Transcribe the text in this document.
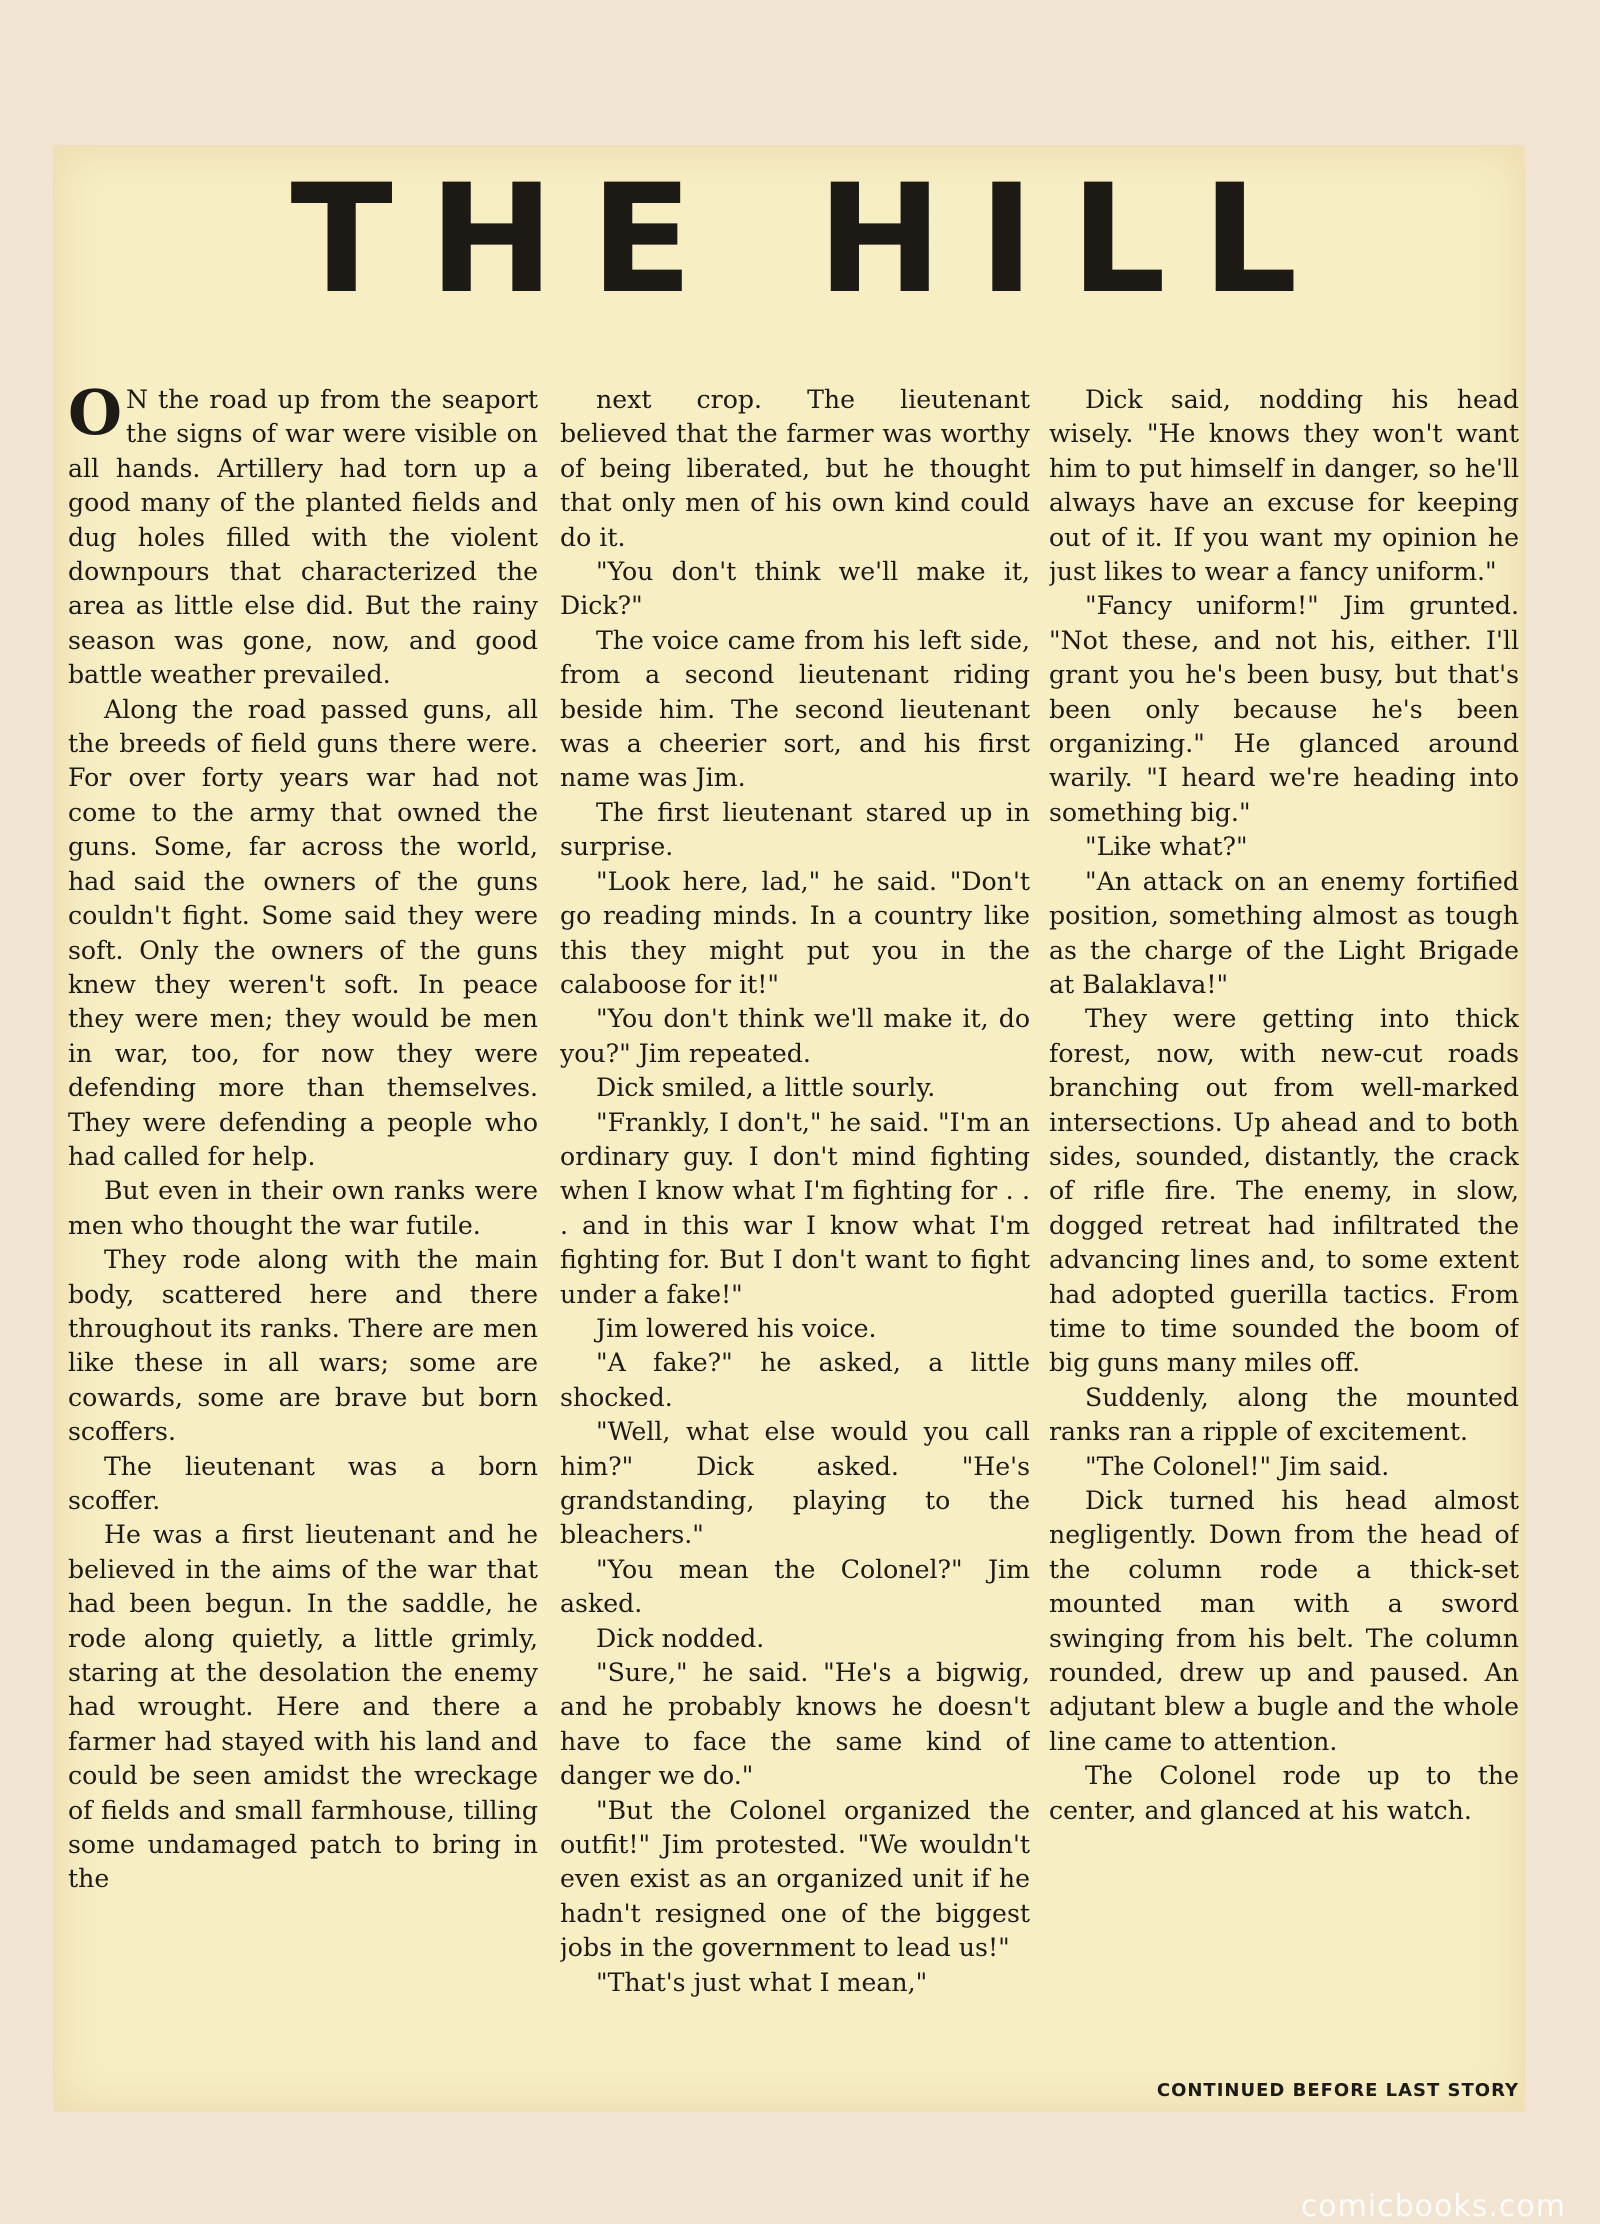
THE HILL

ON the road up from the seaport the signs of war were visible on all hands. Artillery had torn up a good many of the planted fields and dug holes filled with the violent downpours that characterized the area as little else did. But the rainy season was gone, now, and good battle weather prevailed.

Along the road passed guns, all the breeds of field guns there were. For over forty years war had not come to the army that owned the guns. Some, far across the world, had said the owners of the guns couldn't fight. Some said they were soft. Only the owners of the guns knew they weren't soft. In peace they were men; they would be men in war, too, for now they were defending more than themselves. They were defending a people who had called for help.

But even in their own ranks were men who thought the war futile.

They rode along with the main body, scattered here and there throughout its ranks. There are men like these in all wars; some are cowards, some are brave but born scoffers.

The lieutenant was a born scoffer.

He was a first lieutenant and he believed in the aims of the war that had been begun. In the saddle, he rode along quietly, a little grimly, staring at the desolation the enemy had wrought. Here and there a farmer had stayed with his land and could be seen amidst the wreckage of fields and small farmhouse, tilling some undamaged patch to bring in the

next crop. The lieutenant believed that the farmer was worthy of being liberated, but he thought that only men of his own kind could do it.

"You don't think we'll make it, Dick?"

The voice came from his left side, from a second lieutenant riding beside him. The second lieutenant was a cheerier sort, and his first name was Jim.

The first lieutenant stared up in surprise.

"Look here, lad," he said. "Don't go reading minds. In a country like this they might put you in the calaboose for it!"

"You don't think we'll make it, do you?" Jim repeated.

Dick smiled, a little sourly.

"Frankly, I don't," he said. "I'm an ordinary guy. I don't mind fighting when I know what I'm fighting for . . . and in this war I know what I'm fighting for. But I don't want to fight under a fake!"

Jim lowered his voice.

"A fake?" he asked, a little shocked.

"Well, what else would you call him?" Dick asked. "He's grandstanding, playing to the bleachers."

"You mean the Colonel?" Jim asked.

Dick nodded.

"Sure," he said. "He's a bigwig, and he probably knows he doesn't have to face the same kind of danger we do."

"But the Colonel organized the outfit!" Jim protested. "We wouldn't even exist as an organized unit if he hadn't resigned one of the biggest jobs in the government to lead us!"

"That's just what I mean,"

Dick said, nodding his head wisely. "He knows they won't want him to put himself in danger, so he'll always have an excuse for keeping out of it. If you want my opinion he just likes to wear a fancy uniform."

"Fancy uniform!" Jim grunted. "Not these, and not his, either. I'll grant you he's been busy, but that's been only because he's been organizing." He glanced around warily. "I heard we're heading into something big."

"Like what?"

"An attack on an enemy fortified position, something almost as tough as the charge of the Light Brigade at Balaklava!"

They were getting into thick forest, now, with new-cut roads branching out from well-marked intersections. Up ahead and to both sides, sounded, distantly, the crack of rifle fire. The enemy, in slow, dogged retreat had infiltrated the advancing lines and, to some extent had adopted guerilla tactics. From time to time sounded the boom of big guns many miles off.

Suddenly, along the mounted ranks ran a ripple of excitement.

"The Colonel!" Jim said.

Dick turned his head almost negligently. Down from the head of the column rode a thick-set mounted man with a sword swinging from his belt. The column rounded, drew up and paused. An adjutant blew a bugle and the whole line came to attention.

The Colonel rode up to the center, and glanced at his watch.

CONTINUED BEFORE LAST STORY
comicbooks.com
